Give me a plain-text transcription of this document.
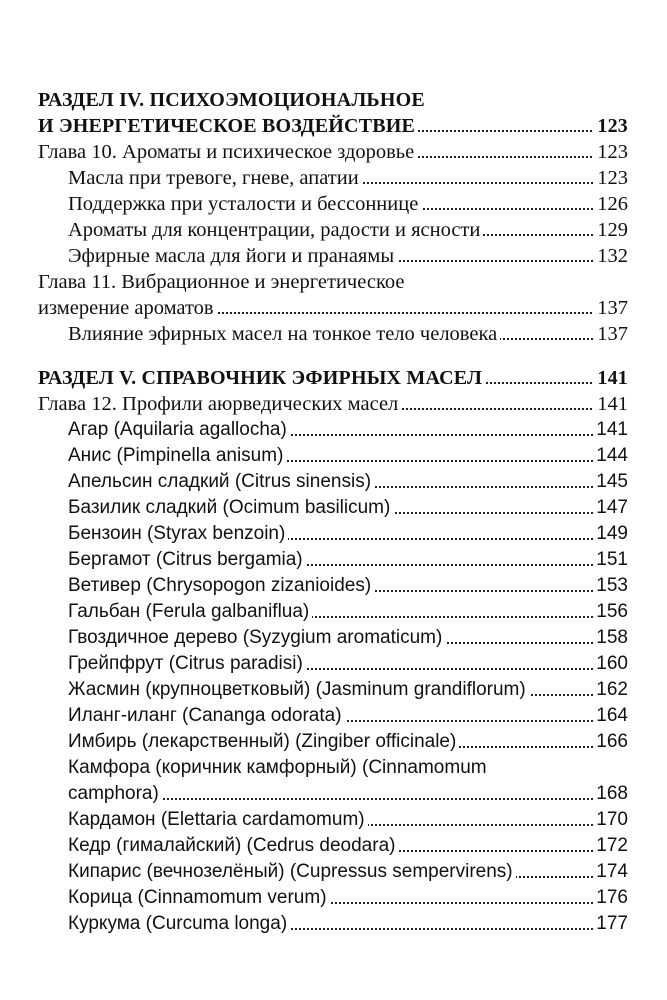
РАЗДЕЛ IV. ПСИХОЭМОЦИОНАЛЬНОЕ
И ЭНЕРГЕТИЧЕСКОЕ ВОЗДЕЙСТВИЕ	123
Глава 10. Ароматы и психическое здоровье	123
Масла при тревоге, гневе, апатии	123
Поддержка при усталости и бессоннице	126
Ароматы для концентрации, радости и ясности	129
Эфирные масла для йоги и пранаямы	132
Глава 11. Вибрационное и энергетическое
измерение ароматов	137
Влияние эфирных масел на тонкое тело человека	137
РАЗДЕЛ V. СПРАВОЧНИК ЭФИРНЫХ МАСЕЛ	141
Глава 12. Профили аюрведических масел	141
Агар (Aquilaria agallocha)	141
Анис (Pimpinella anisum)	144
Апельсин сладкий (Citrus sinensis)	145
Базилик сладкий (Ocimum basilicum)	147
Бензоин (Styrax benzoin)	149
Бергамот (Citrus bergamia)	151
Ветивер (Chrysopogon zizanioides)	153
Гальбан (Ferula galbaniflua)	156
Гвоздичное дерево (Syzygium aromaticum)	158
Грейпфрут (Citrus paradisi)	160
Жасмин (крупноцветковый) (Jasminum grandiflorum)	162
Иланг-иланг (Cananga odorata)	164
Имбирь (лекарственный) (Zingiber officinale)	166
Камфора (коричник камфорный) (Cinnamomum
camphora)	168
Кардамон (Elettaria cardamomum)	170
Кедр (гималайский) (Cedrus deodara)	172
Кипарис (вечнозелёный) (Cupressus sempervirens)	174
Корица (Cinnamomum verum)	176
Куркума (Curcuma longa)	177
